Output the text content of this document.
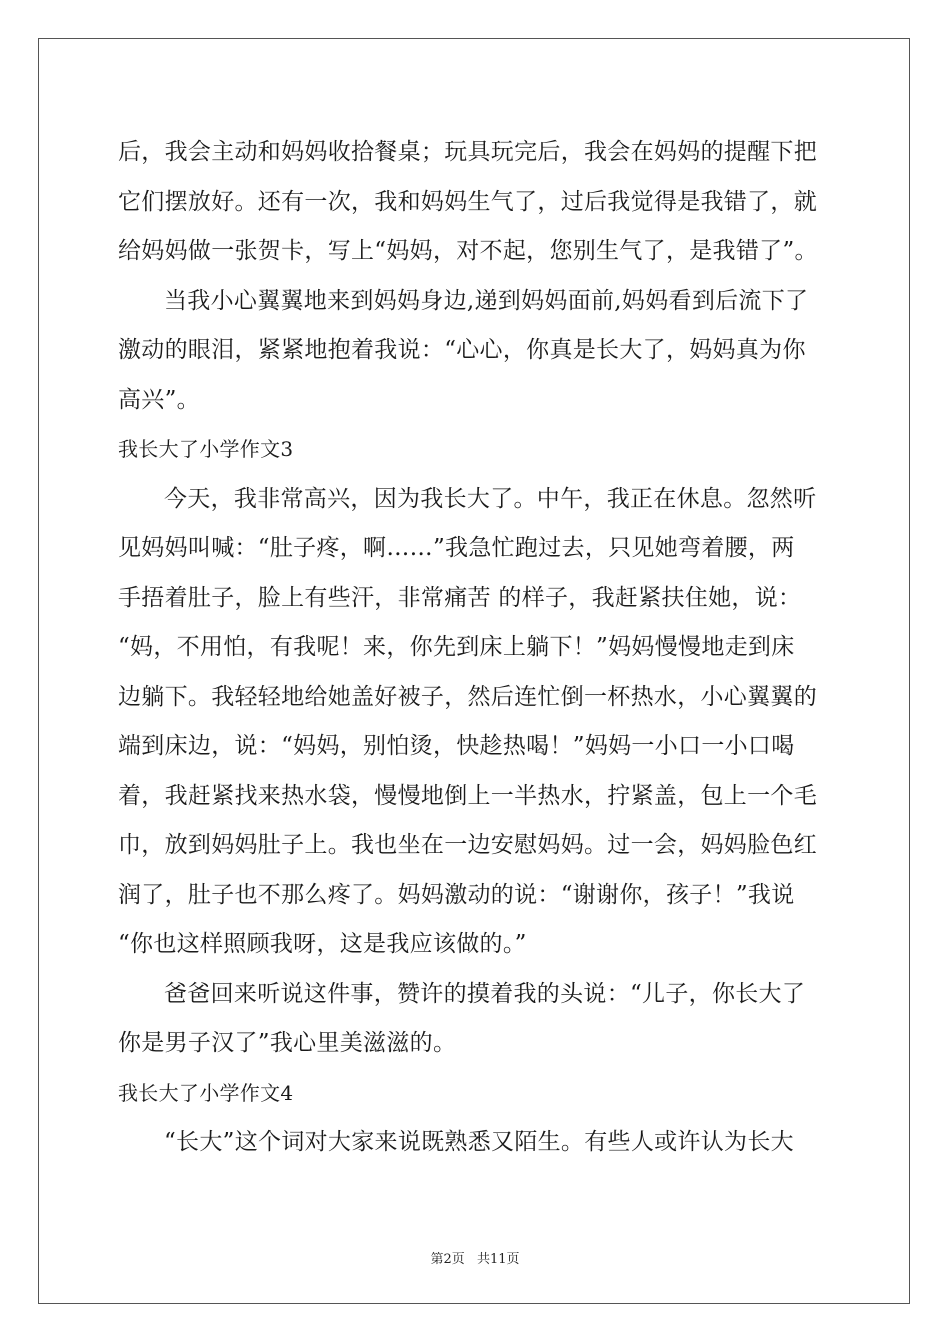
后，我会主动和妈妈收拾餐桌；玩具玩完后，我会在妈妈的提醒下把
它们摆放好。还有一次，我和妈妈生气了，过后我觉得是我错了，就
给妈妈做一张贺卡，写上“妈妈，对不起，您别生气了，是我错了”。
当我小心翼翼地来到妈妈身边,递到妈妈面前,妈妈看到后流下了
激动的眼泪，紧紧地抱着我说：“心心，你真是长大了，妈妈真为你
高兴”。
我长大了小学作文3
今天，我非常高兴，因为我长大了。中午，我正在休息。忽然听
见妈妈叫喊：“肚子疼，啊……”我急忙跑过去，只见她弯着腰，两
手捂着肚子，脸上有些汗，非常痛苦 的样子，我赶紧扶住她，说：
“妈，不用怕，有我呢！来，你先到床上躺下！”妈妈慢慢地走到床
边躺下。我轻轻地给她盖好被子，然后连忙倒一杯热水，小心翼翼的
端到床边，说：“妈妈，别怕烫，快趁热喝！”妈妈一小口一小口喝
着，我赶紧找来热水袋，慢慢地倒上一半热水，拧紧盖，包上一个毛
巾，放到妈妈肚子上。我也坐在一边安慰妈妈。过一会，妈妈脸色红
润了，肚子也不那么疼了。妈妈激动的说：“谢谢你，孩子！”我说
“你也这样照顾我呀，这是我应该做的。”
爸爸回来听说这件事，赞许的摸着我的头说：“儿子，你长大了
你是男子汉了”我心里美滋滋的。
我长大了小学作文4
“长大”这个词对大家来说既熟悉又陌生。有些人或许认为长大
第2页 共11页
